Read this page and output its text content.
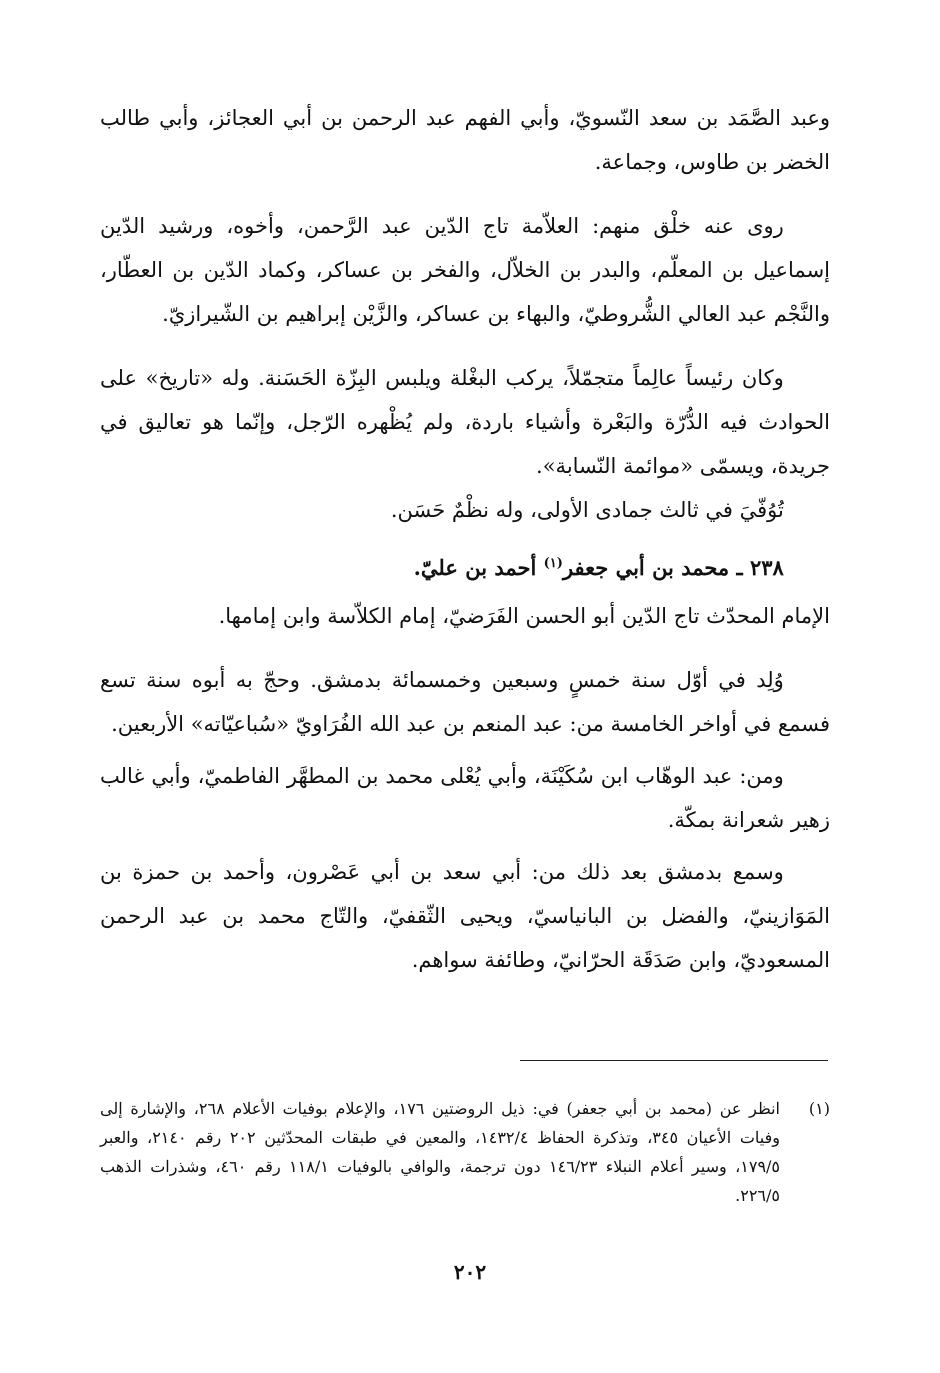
وعبد الصَّمَد بن سعد النّسويّ، وأبي الفهم عبد الرحمن بن أبي العجائز، وأبي طالب الخضر بن طاوس، وجماعة.

روى عنه خلْق منهم: العلاّمة تاج الدّين عبد الرَّحمن، وأخوه، ورشيد الدّين إسماعيل بن المعلّم، والبدر بن الخلاّل، والفخر بن عساكر، وكماد الدّين بن العطّار، والنَّجْم عبد العالي الشُّروطيّ، والبهاء بن عساكر، والزَّيْن إبراهيم بن الشّيرازيّ.

وكان رئيساً عالِماً متجمّلاً، يركب البغْلة ويلبس البِزّة الحَسَنة. وله «تاريخ» على الحوادث فيه الدُّرّة والبَعْرة وأشياء باردة، ولم يُظْهره الرّجل، وإنّما هو تعاليق في جريدة، ويسمّى «موائمة النّسابة».

تُوُفّيَ في ثالث جمادى الأولى، وله نظْمٌ حَسَن.

٢٣٨ ـ محمد بن أبي جعفر$^{(١)}$ أحمد بن عليّ.

الإمام المحدّث تاج الدّين أبو الحسن الفَرَضيّ، إمام الكلاّسة وابن إمامها.

وُلِد في أوّل سنة خمسٍ وسبعين وخمسمائة بدمشق. وحجّ به أبوه سنة تسع فسمع في أواخر الخامسة من: عبد المنعم بن عبد الله الفُرَاويّ «سُباعيّاته» الأربعين.

ومن: عبد الوهّاب ابن سُكَيْنَة، وأبي يُعْلى محمد بن المطهَّر الفاطميّ، وأبي غالب زهير شعرانة بمكّة.

وسمع بدمشق بعد ذلك من: أبي سعد بن أبي عَصْرون، وأحمد بن حمزة بن المَوَازينيّ، والفضل بن البانياسيّ، ويحيى الثّقفيّ، والتّاج محمد بن عبد الرحمن المسعوديّ، وابن صَدَقَة الحرّانيّ، وطائفة سواهم.

(١)
انظر عن (محمد بن أبي جعفر) في: ذيل الروضتين ١٧٦، والإعلام بوفيات الأعلام ٢٦٨، والإشارة إلى وفيات الأعيان ٣٤٥، وتذكرة الحفاظ ١٤٣٢/٤، والمعين في طبقات المحدّثين ٢٠٢ رقم ٢١٤٠، والعبر ١٧٩/٥، وسير أعلام النبلاء ١٤٦/٢٣ دون ترجمة، والوافي بالوفيات ١١٨/١ رقم ٤٦٠، وشذرات الذهب ٢٢٦/٥.
٢٠٢
